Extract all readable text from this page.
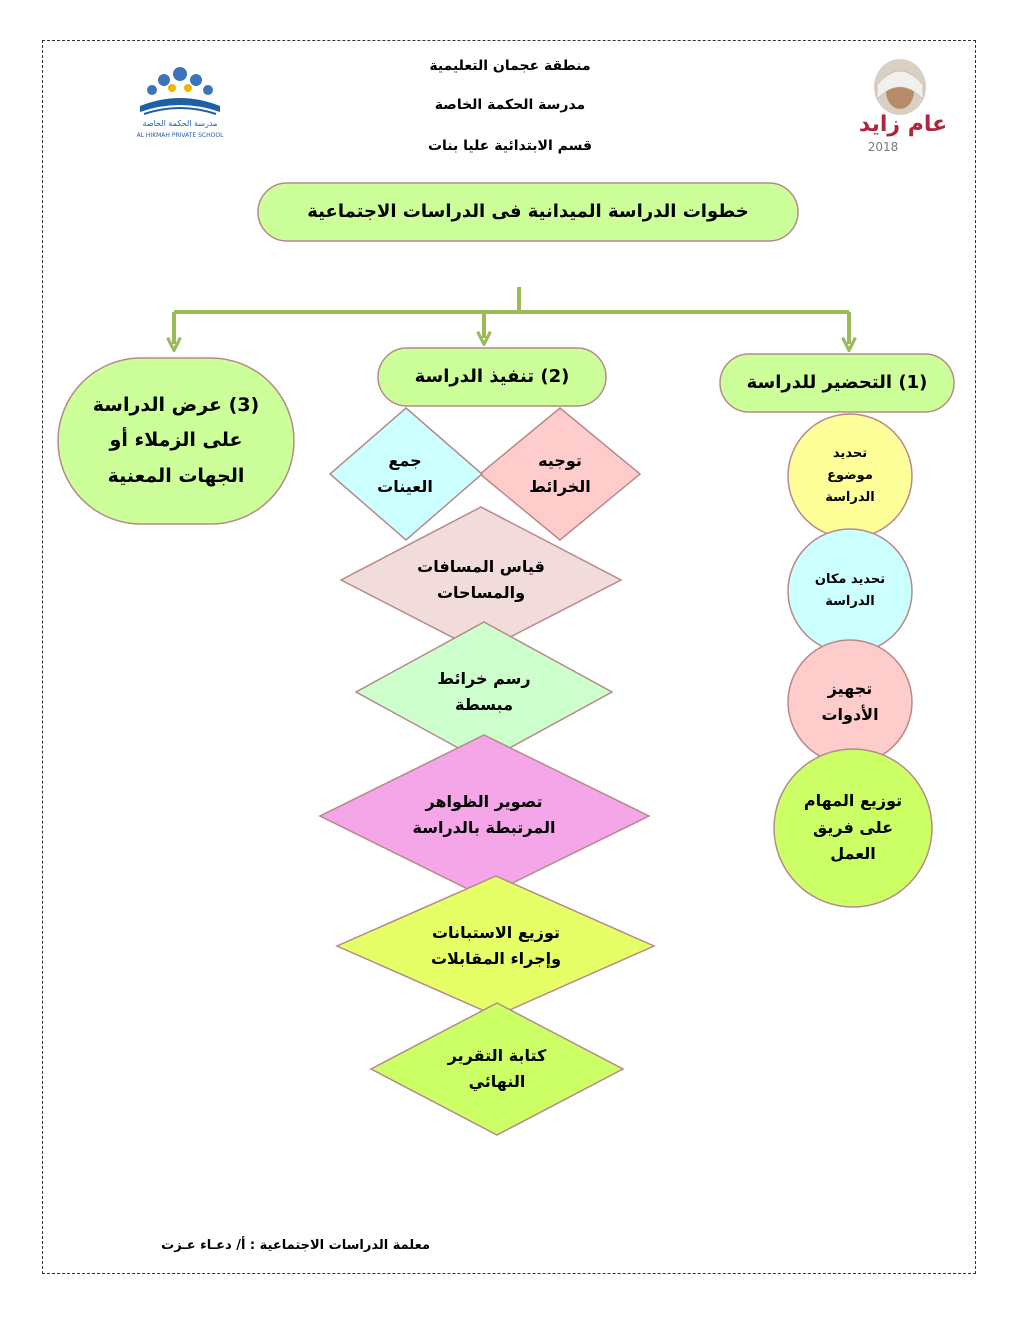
منطقة عجمان التعليمية
مدرسة الحكمة الخاصة
قسم الابتدائية عليا بنات
مدرسة الحكمة الخاصة
AL HIKMAH PRIVATE SCHOOL	عام زايد
2018
خطوات الدراسة الميدانية فى الدراسات الاجتماعية
(1) التحضير للدراسة
(2) تنفيذ الدراسة
(3) عرض الدراسة على الزملاء أو الجهات المعنية
تحديد موضوع الدراسة
تحديد مكان الدراسة
تجهيز الأدوات
توزيع المهام على فريق العمل
توجيه الخرائط
جمع العينات
قياس المسافات والمساحات
رسم خرائط مبسطة
تصوير الظواهر المرتبطة بالدراسة
توزيع الاستبانات وإجراء المقابلات
كتابة التقرير النهائي
معلمة الدراسات الاجتماعية : أ/ دعـاء عـزت
